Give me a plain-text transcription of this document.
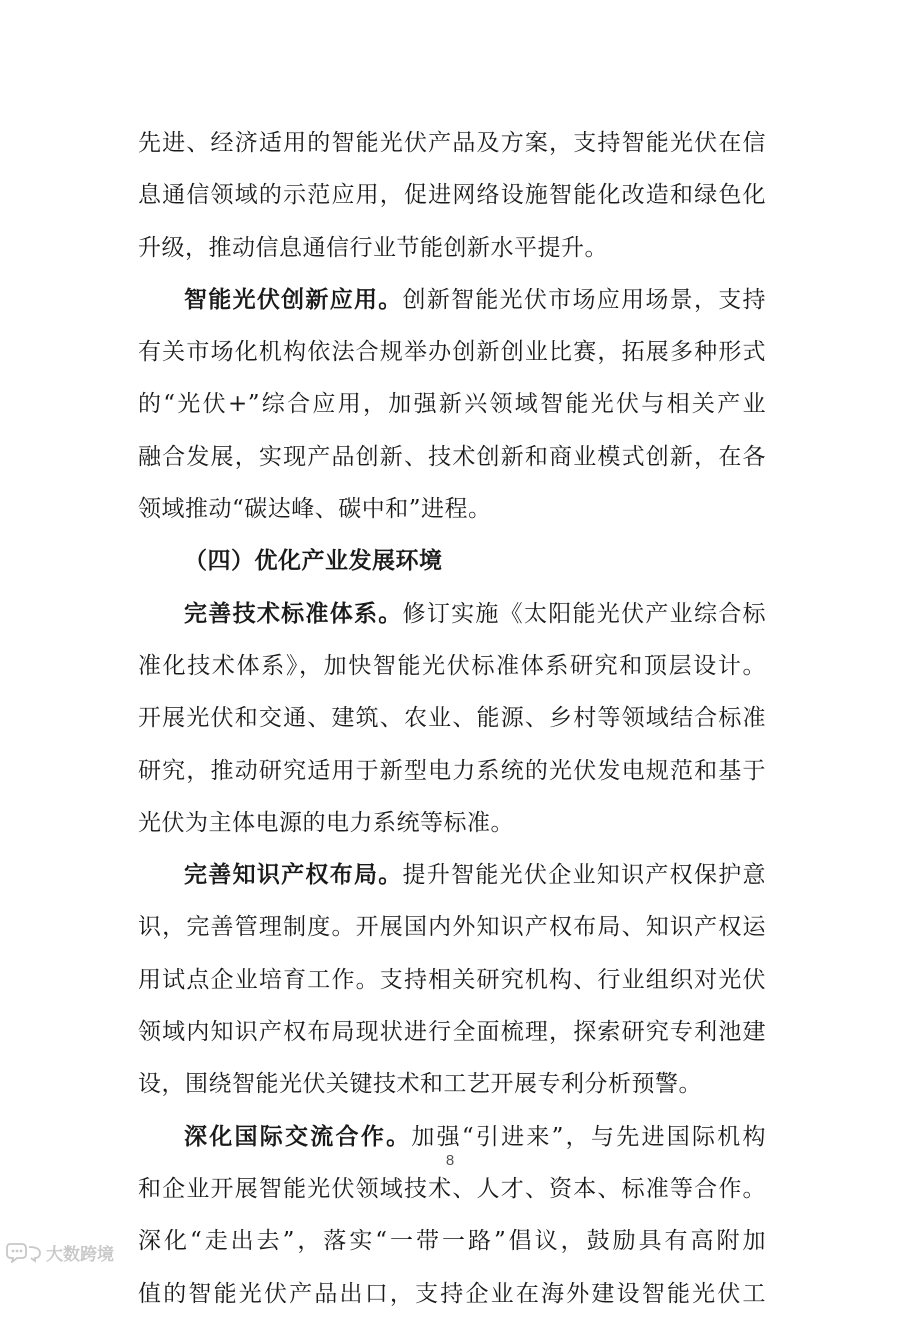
先进、经济适用的智能光伏产品及方案，支持智能光伏在信
息通信领域的示范应用，促进网络设施智能化改造和绿色化
升级，推动信息通信行业节能创新水平提升。
智能光伏创新应用。创新智能光伏市场应用场景，支持
有关市场化机构依法合规举办创新创业比赛，拓展多种形式
的“光伏+”综合应用，加强新兴领域智能光伏与相关产业
融合发展，实现产品创新、技术创新和商业模式创新，在各
领域推动“碳达峰、碳中和”进程。
（四）优化产业发展环境
完善技术标准体系。修订实施《太阳能光伏产业综合标
准化技术体系》，加快智能光伏标准体系研究和顶层设计。
开展光伏和交通、建筑、农业、能源、乡村等领域结合标准
研究，推动研究适用于新型电力系统的光伏发电规范和基于
光伏为主体电源的电力系统等标准。
完善知识产权布局。提升智能光伏企业知识产权保护意
识，完善管理制度。开展国内外知识产权布局、知识产权运
用试点企业培育工作。支持相关研究机构、行业组织对光伏
领域内知识产权布局现状进行全面梳理，探索研究专利池建
设，围绕智能光伏关键技术和工艺开展专利分析预警。
深化国际交流合作。加强“引进来”，与先进国际机构
和企业开展智能光伏领域技术、人才、资本、标准等合作。
深化“走出去”，落实“一带一路”倡议，鼓励具有高附加
值的智能光伏产品出口，支持企业在海外建设智能光伏工
8
大数跨境
